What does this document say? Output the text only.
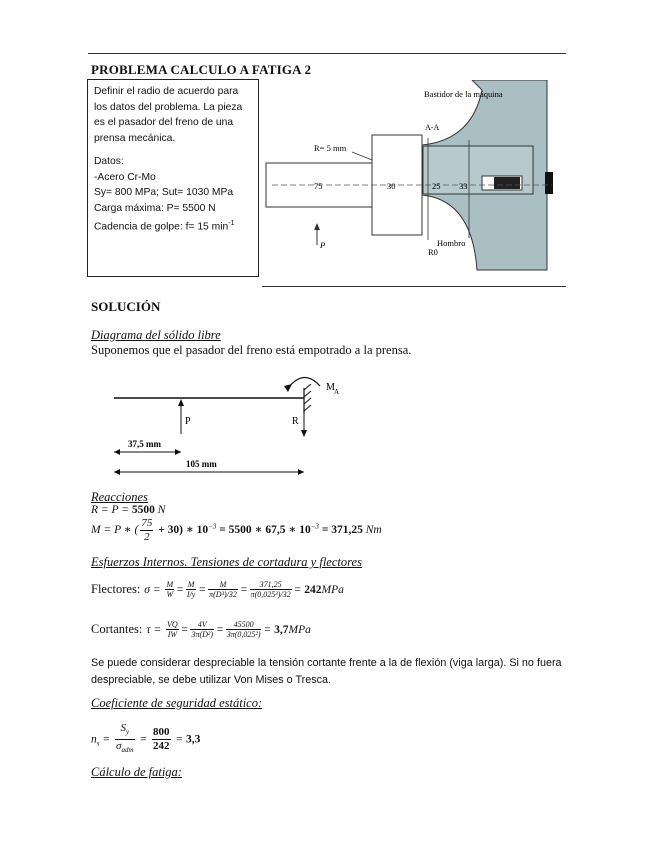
PROBLEMA CALCULO A FATIGA 2

Definir el radio de acuerdo para los datos del problema. La pieza es el pasador del freno de una prensa mecánica.

Datos:

-Acero Cr-Mo

Sy= 800 MPa; Sut= 1030 MPa

Carga máxima: P= 5500 N

Cadencia de golpe: f= 15 $\min^{-1}$

A-A
Bastidor de la máquina
R= 5 mm
75	30	25 33
P	Hombro
R0
SOLUCIÓN
Diagrama del sólido libre
Suponemos que el pasador del freno está empotrado a la prensa.
M A
P	R
37,5 mm
105 mm
Reacciones
R = P = 5500 N
M = P ∗ ( $\frac{75}{2} + 30$) ∗ $10^{-3} = 5500$ ∗ 67,5 ∗ $10^{-3} = 371,25$ Nm
Esfuerzos Internos. Tensiones de cortadura y flectores
Flectores: $\sigma = \frac{M}{W} = \frac{M}{I/y} = \frac{M}{\text{π(D³)/32}} = \frac{371,25}{\text{π(0,025³)/32}} = 242MPa$
Cortantes: $\tau = \frac{VQ}{IW} = \frac{4V}{\text{3π(D²)}} = \frac{45500}{\text{3π(0,025²)}} = 3,7MPa$
Se puede considerar despreciable la tensión cortante frente a la de flexión (viga larga). Si no fuera despreciable, se debe utilizar Von Mises o Tresca.
Coeficiente de seguridad estático:
$n_s = \frac{S_y}{\sigma_{adm}} = \frac{800}{242} = 3,3$
Cálculo de fatiga:
